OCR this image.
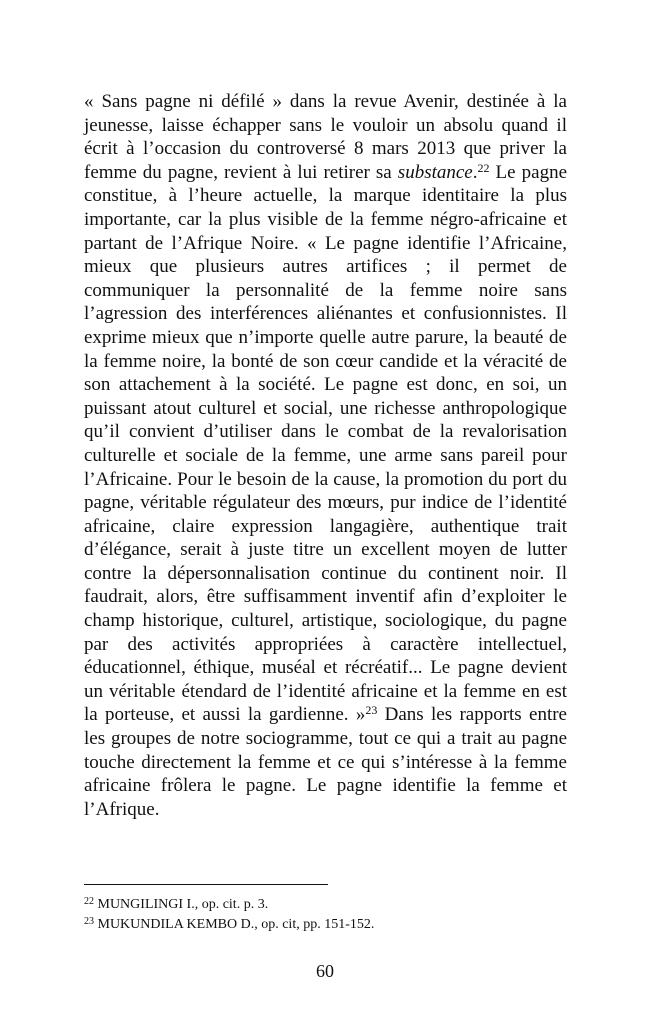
« Sans pagne ni défilé » dans la revue Avenir, destinée à la jeunesse, laisse échapper sans le vouloir un absolu quand il écrit à l’occasion du controversé 8 mars 2013 que priver la femme du pagne, revient à lui retirer sa substance.$^{22}$ Le pagne constitue, à l’heure actuelle, la marque identitaire la plus importante, car la plus visible de la femme négro-africaine et partant de l’Afrique Noire. « Le pagne identifie l’Africaine, mieux que plusieurs autres artifices ; il permet de communiquer la personnalité de la femme noire sans l’agression des interférences aliénantes et confusionnistes. Il exprime mieux que n’importe quelle autre parure, la beauté de la femme noire, la bonté de son cœur candide et la véracité de son attachement à la société. Le pagne est donc, en soi, un puissant atout culturel et social, une richesse anthropologique qu’il convient d’utiliser dans le combat de la revalorisation culturelle et sociale de la femme, une arme sans pareil pour l’Africaine. Pour le besoin de la cause, la promotion du port du pagne, véritable régulateur des mœurs, pur indice de l’identité africaine, claire expression langagière, authentique trait d’élégance, serait à juste titre un excellent moyen de lutter contre la dépersonnalisation continue du continent noir. Il faudrait, alors, être suffisamment inventif afin d’exploiter le champ historique, culturel, artistique, sociologique, du pagne par des activités appropriées à caractère intellectuel, éducationnel, éthique, muséal et récréatif... Le pagne devient un véritable étendard de l’identité africaine et la femme en est la porteuse, et aussi la gardienne. »$^{23}$ Dans les rapports entre les groupes de notre sociogramme, tout ce qui a trait au pagne touche directement la femme et ce qui s’intéresse à la femme africaine frôlera le pagne. Le pagne identifie la femme et l’Afrique.

$^{22}$ MUNGILINGI I., op. cit. p. 3.

$^{23}$ MUKUNDILA KEMBO D., op. cit, pp. 151-152.

60
